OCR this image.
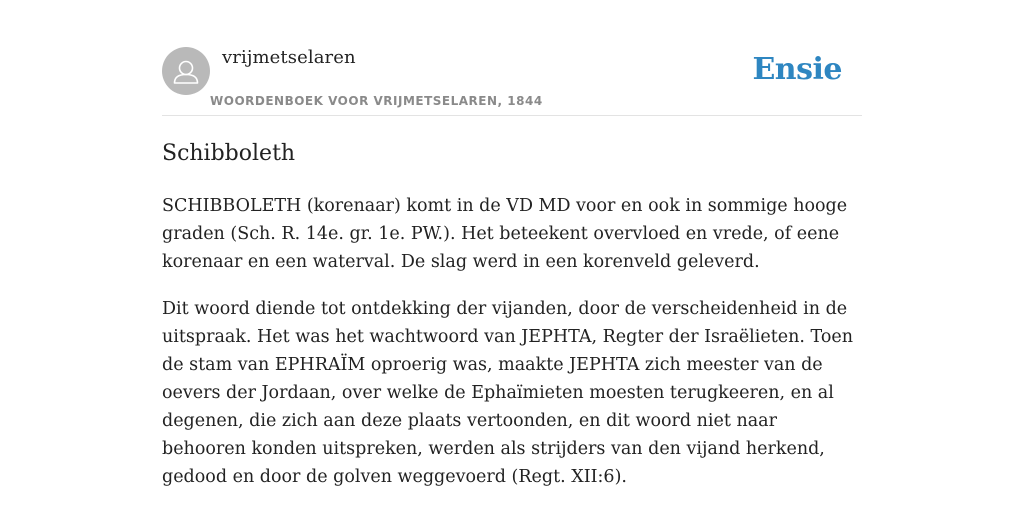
vrijmetselaren
WOORDENBOEK VOOR VRIJMETSELAREN, 1844
Ensie
Schibboleth

SCHIBBOLETH (korenaar) komt in de VD MD voor en ook in sommige hooge graden (Sch. R. 14e. gr. 1e. PW.). Het beteekent overvloed en vrede, of eene korenaar en een waterval. De slag werd in een korenveld geleverd.

Dit woord diende tot ontdekking der vijanden, door de verscheidenheid in de uitspraak. Het was het wachtwoord van JEPHTA, Regter der Israëlieten. Toen de stam van EPHRAÏM oproerig was, maakte JEPHTA zich meester van de oevers der Jordaan, over welke de Ephaïmieten moesten terugkeeren, en al degenen, die zich aan deze plaats vertoonden, en dit woord niet naar behooren konden uitspreken, werden als strijders van den vijand herkend, gedood en door de golven weggevoerd (Regt. XII:6).
